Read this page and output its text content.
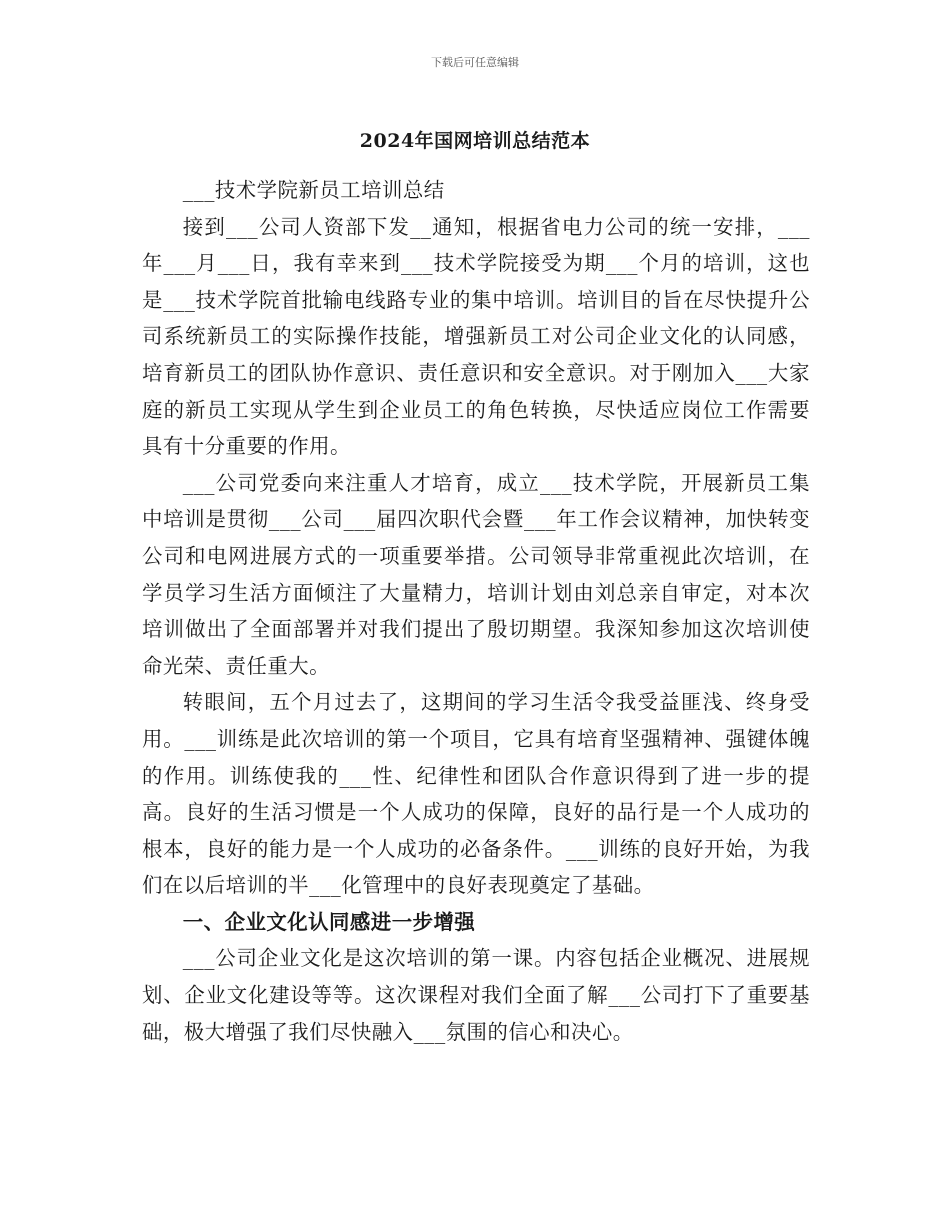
下载后可任意编辑
2024年国网培训总结范本

___技术学院新员工培训总结

接到___公司人资部下发__通知，根据省电力公司的统一安排，___年___月___日，我有幸来到___技术学院接受为期___个月的培训，这也是___技术学院首批输电线路专业的集中培训。培训目的旨在尽快提升公司系统新员工的实际操作技能，增强新员工对公司企业文化的认同感，培育新员工的团队协作意识、责任意识和安全意识。对于刚加入___大家庭的新员工实现从学生到企业员工的角色转换，尽快适应岗位工作需要具有十分重要的作用。

___公司党委向来注重人才培育，成立___技术学院，开展新员工集中培训是贯彻___公司___届四次职代会暨___年工作会议精神，加快转变公司和电网进展方式的一项重要举措。公司领导非常重视此次培训，在学员学习生活方面倾注了大量精力，培训计划由刘总亲自审定，对本次培训做出了全面部署并对我们提出了殷切期望。我深知参加这次培训使命光荣、责任重大。

转眼间，五个月过去了，这期间的学习生活令我受益匪浅、终身受用。___训练是此次培训的第一个项目，它具有培育坚强精神、强键体魄的作用。训练使我的___性、纪律性和团队合作意识得到了进一步的提高。良好的生活习惯是一个人成功的保障，良好的品行是一个人成功的根本，良好的能力是一个人成功的必备条件。___训练的良好开始，为我们在以后培训的半___化管理中的良好表现奠定了基础。

一、企业文化认同感进一步增强

___公司企业文化是这次培训的第一课。内容包括企业概况、进展规划、企业文化建设等等。这次课程对我们全面了解___公司打下了重要基础，极大增强了我们尽快融入___氛围的信心和决心。
